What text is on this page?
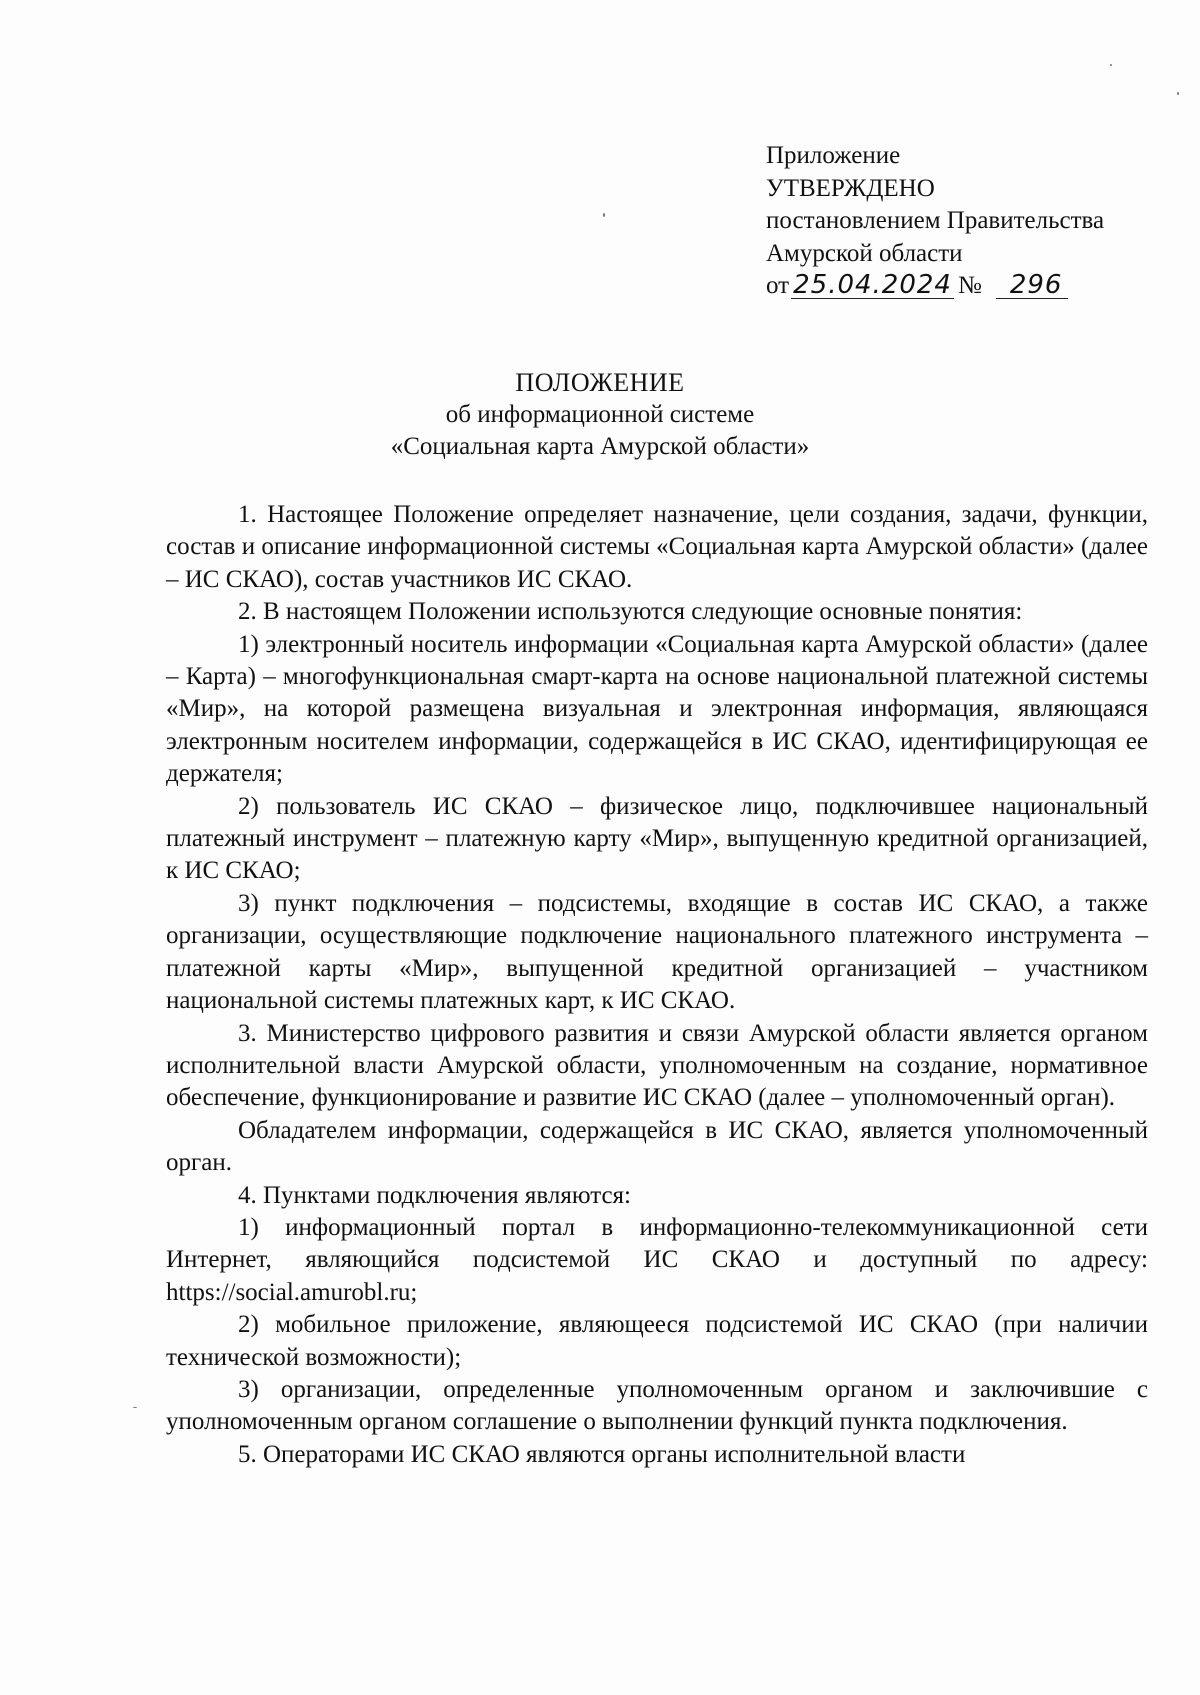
Приложение
УТВЕРЖДЕНО
постановлением Правительства
Амурской области
от 25.04.2024 № 296
ПОЛОЖЕНИЕ
об информационной системе
«Социальная карта Амурской области»

1. Настоящее Положение определяет назначение, цели создания, задачи, функции, состав и описание информационной системы «Социальная карта Амурской области» (далее – ИС СКАО), состав участников ИС СКАО.

2. В настоящем Положении используются следующие основные понятия:

1) электронный носитель информации «Социальная карта Амурской области» (далее – Карта) – многофункциональная смарт-карта на основе национальной платежной системы «Мир», на которой размещена визуальная и электронная информация, являющаяся электронным носителем информации, содержащейся в ИС СКАО, идентифицирующая ее держателя;

2) пользователь ИС СКАО – физическое лицо, подключившее национальный платежный инструмент – платежную карту «Мир», выпущенную кредитной организацией, к ИС СКАО;

3) пункт подключения – подсистемы, входящие в состав ИС СКАО, а также организации, осуществляющие подключение национального платежного инструмента – платежной карты «Мир», выпущенной кредитной организацией – участником национальной системы платежных карт, к ИС СКАО.

3. Министерство цифрового развития и связи Амурской области является органом исполнительной власти Амурской области, уполномоченным на создание, нормативное обеспечение, функционирование и развитие ИС СКАО (далее – уполномоченный орган).

Обладателем информации, содержащейся в ИС СКАО, является уполномоченный орган.

4. Пунктами подключения являются:

1) информационный портал в информационно-телекоммуникационной сети Интернет, являющийся подсистемой ИС СКАО и доступный по адресу: https://social.amurobl.ru;

2) мобильное приложение, являющееся подсистемой ИС СКАО (при наличии технической возможности);

3) организации, определенные уполномоченным органом и заключившие с уполномоченным органом соглашение о выполнении функций пункта подключения.

5. Операторами ИС СКАО являются органы исполнительной власти
